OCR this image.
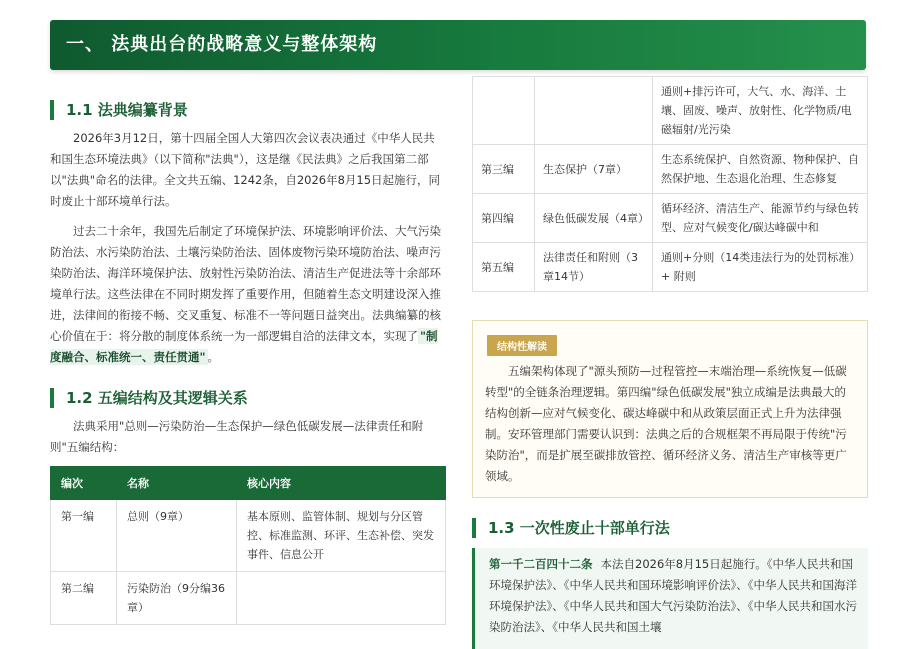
一、 法典出台的战略意义与整体架构
1.1 法典编纂背景

2026年3月12日，第十四届全国人大第四次会议表决通过《中华人民共和国生态环境法典》（以下简称"法典"），这是继《民法典》之后我国第二部以"法典"命名的法律。全文共五编、1242条，自2026年8月15日起施行，同时废止十部环境单行法。

过去二十余年，我国先后制定了环境保护法、环境影响评价法、大气污染防治法、水污染防治法、土壤污染防治法、固体废物污染环境防治法、噪声污染防治法、海洋环境保护法、放射性污染防治法、清洁生产促进法等十余部环境单行法。这些法律在不同时期发挥了重要作用，但随着生态文明建设深入推进，法律间的衔接不畅、交叉重复、标准不一等问题日益突出。法典编纂的核心价值在于：将分散的制度体系统一为一部逻辑自洽的法律文本，实现了 "制度融合、标准统一、责任贯通" 。

1.2 五编结构及其逻辑关系

法典采用"总则—污染防治—生态保护—绿色低碳发展—法律责任和附则"五编结构：

编次	名称	核心内容
第一编	总则（9章）	基本原则、监管体制、规划与分区管控、标准监测、环评、生态补偿、突发事件、信息公开
第二编	污染防治（9分编36章）	
		通则+排污许可，大气、水、海洋、土壤、固废、噪声、放射性、化学物质/电磁辐射/光污染
第三编	生态保护（7章）	生态系统保护、自然资源、物种保护、自然保护地、生态退化治理、生态修复
第四编	绿色低碳发展（4章）	循环经济、清洁生产、能源节约与绿色转型、应对气候变化/碳达峰碳中和
第五编	法律责任和附则（3章14节）	通则+分则（14类违法行为的处罚标准）+ 附则
结构性解读

五编架构体现了"源头预防—过程管控—末端治理—系统恢复—低碳转型"的全链条治理逻辑。第四编"绿色低碳发展"独立成编是法典最大的结构创新—应对气候变化、碳达峰碳中和从政策层面正式上升为法律强制。安环管理部门需要认识到：法典之后的合规框架不再局限于传统"污染防治"，而是扩展至碳排放管控、循环经济义务、清洁生产审核等更广领域。

1.3 一次性废止十部单行法

第一千二百四十二条 本法自2026年8月15日起施行。《中华人民共和国环境保护法》、《中华人民共和国环境影响评价法》、《中华人民共和国海洋环境保护法》、《中华人民共和国大气污染防治法》、《中华人民共和国水污染防治法》、《中华人民共和国土壤
